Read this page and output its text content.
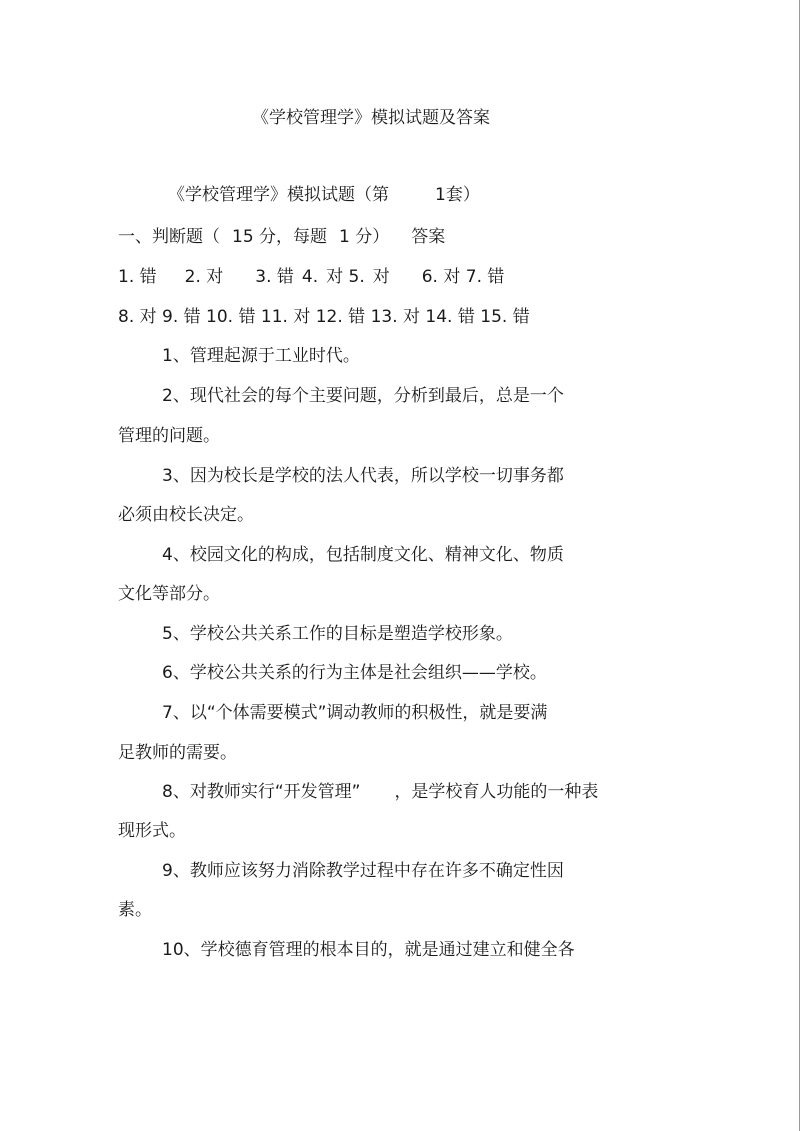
《学校管理学》模拟试题及答案
《学校管理学》模拟试题（第	1套）
一、判断题（ 15 分，每题 1 分） 答案
1. 错 2. 对 3. 错 4. 对 5. 对 6. 对 7. 错
8. 对 9. 错 10. 错 11. 对 12. 错 13. 对 14. 错 15. 错
1、管理起源于工业时代。
2、现代社会的每个主要问题，分析到最后，总是一个
管理的问题。
3、因为校长是学校的法人代表，所以学校一切事务都
必须由校长决定。
4、校园文化的构成，包括制度文化、精神文化、物质
文化等部分。
5、学校公共关系工作的目标是塑造学校形象。
6、学校公共关系的行为主体是社会组织——学校。
7、以“个体需要模式”调动教师的积极性，就是要满
足教师的需要。
8、对教师实行“开发管理” ，是学校育人功能的一种表
现形式。
9、教师应该努力消除教学过程中存在许多不确定性因
素。
10、学校德育管理的根本目的，就是通过建立和健全各
